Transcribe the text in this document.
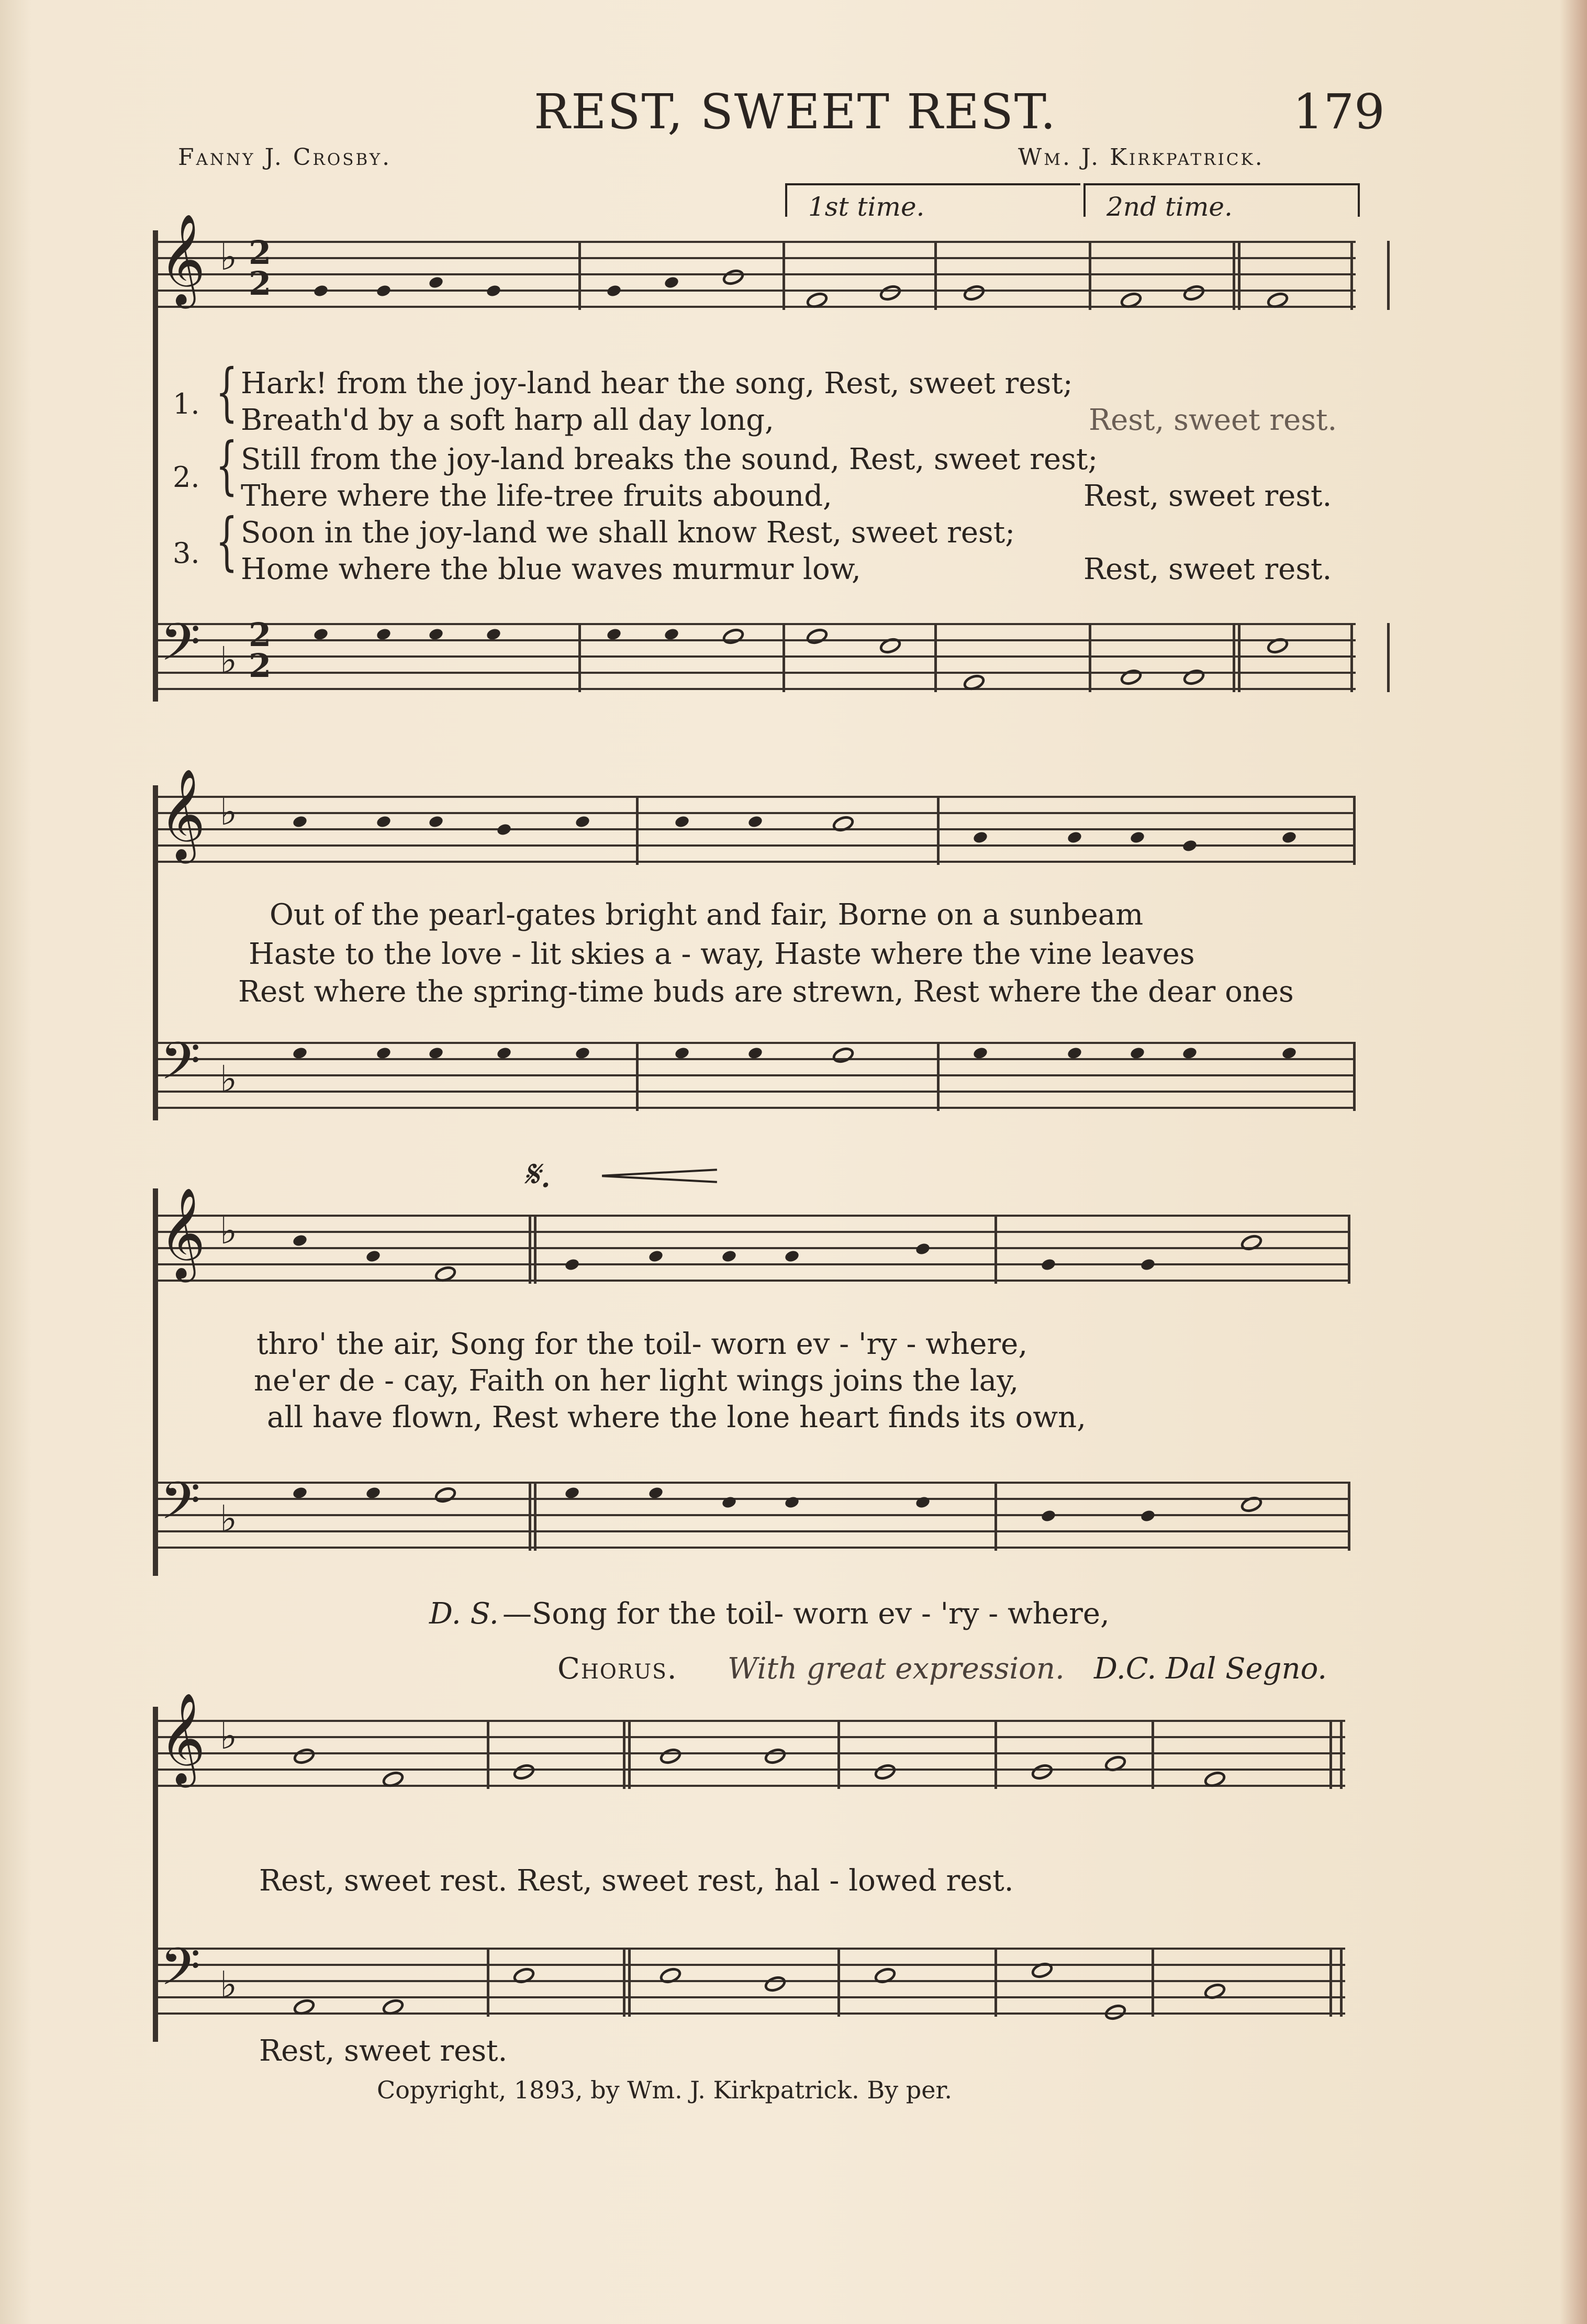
REST, SWEET REST.	179
Fanny J. Crosby.	Wm. J. Kirkpatrick.
1st time.	2nd time.
𝄞 ♭ 2
2
1. { Hark! from the joy-land hear the song, Rest, sweet rest;
Breath'd by a soft harp all day long,	Rest, sweet rest.
2. { Still from the joy-land breaks the sound, Rest, sweet rest;
There where the life-tree fruits abound,	Rest, sweet rest.
3. { Soon in the joy-land we shall know Rest, sweet rest;
Home where the blue waves murmur low,	Rest, sweet rest.
𝄢 ♭
2
2
𝄞 ♭
Out of the pearl-gates bright and fair, Borne on a sunbeam
Haste to the love - lit skies a - way, Haste where the vine leaves
Rest where the spring-time buds are strewn, Rest where the dear ones
𝄢 ♭
𝄋.
𝄞 ♭
thro' the air, Song for the toil- worn ev - 'ry - where,
ne'er de - cay, Faith on her light wings joins the lay,
all have flown, Rest where the lone heart finds its own,
𝄢 ♭
D. S. —Song for the toil- worn ev - 'ry - where,
Chorus. With great expression. D.C. Dal Segno.
𝄞 ♭
Rest, sweet rest. Rest, sweet rest, hal - lowed rest.
𝄢 ♭
Rest, sweet rest.
Copyright, 1893, by Wm. J. Kirkpatrick. By per.
